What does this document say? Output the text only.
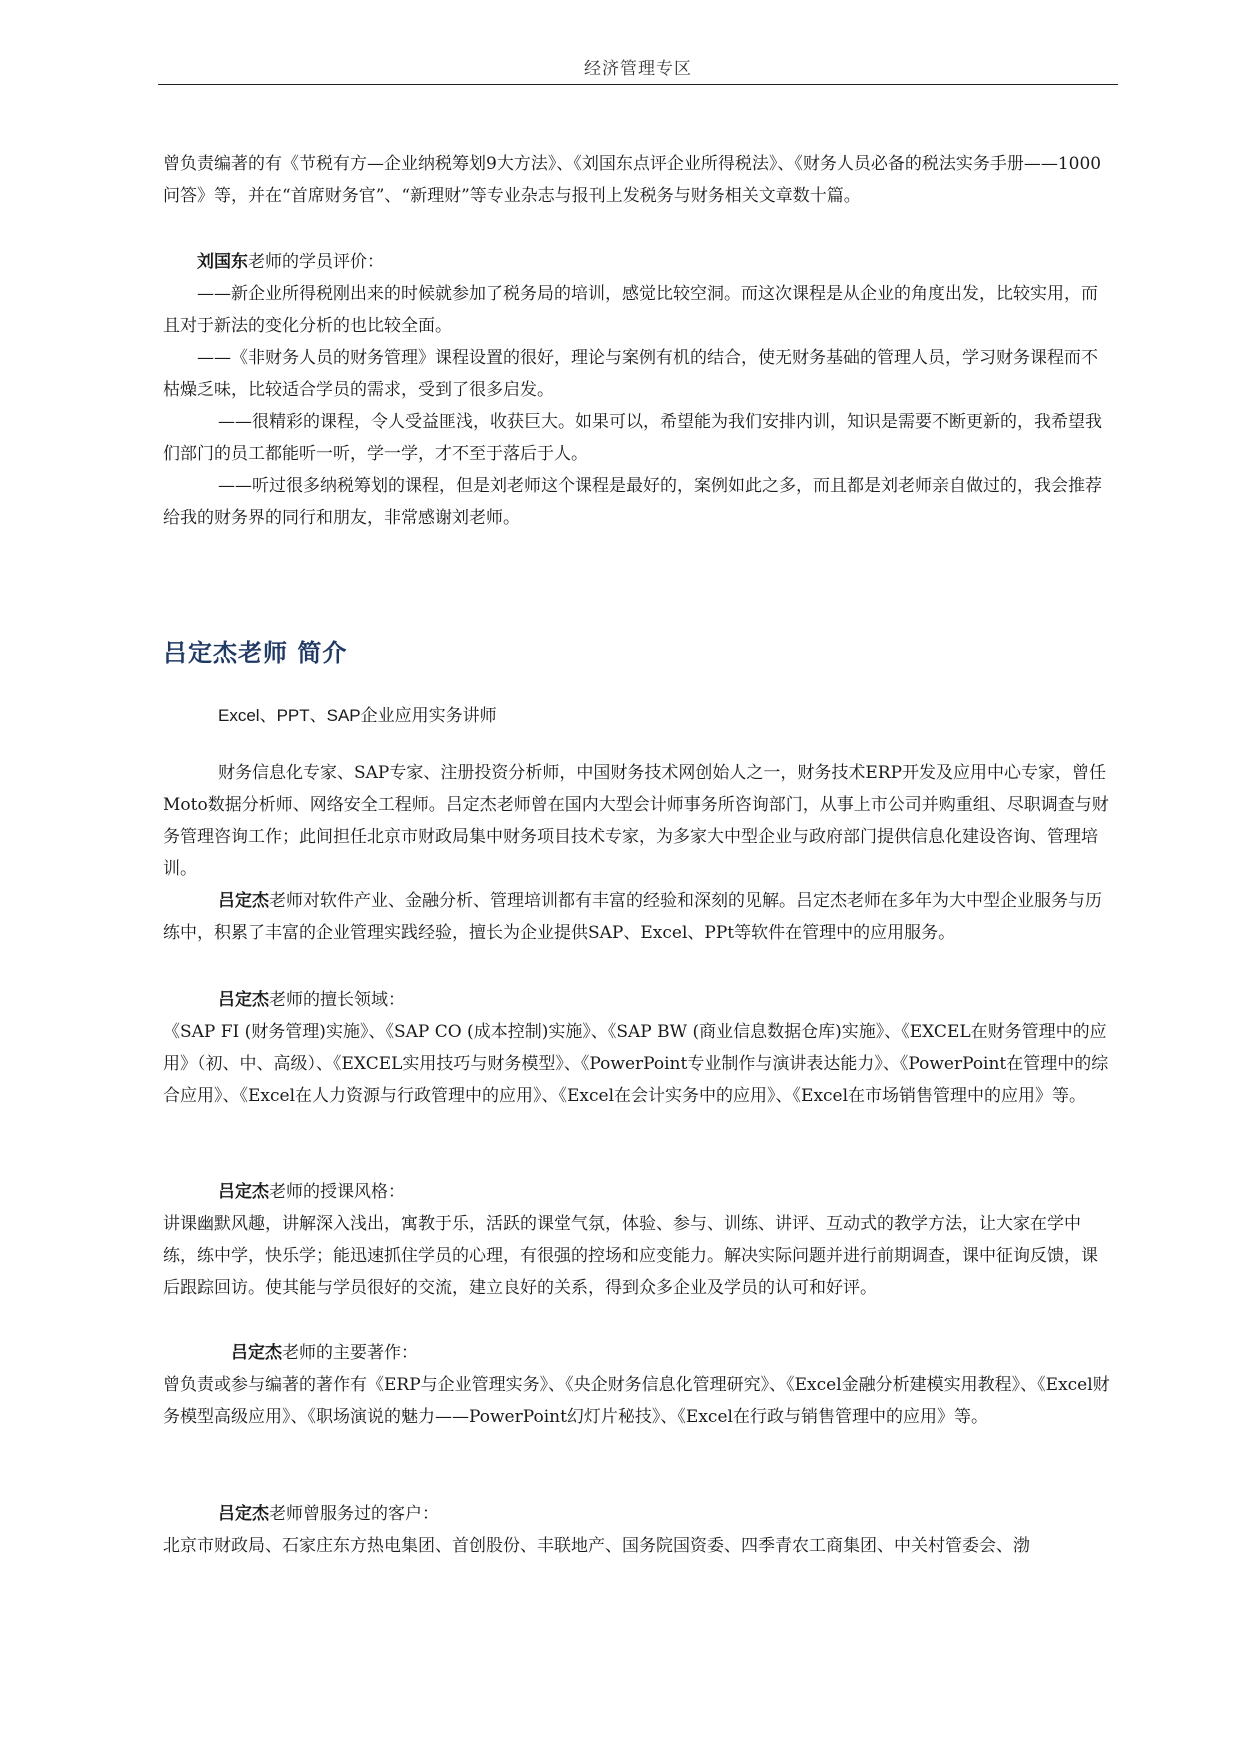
经济管理专区

曾负责编著的有《节税有方—企业纳税筹划9大方法》、《刘国东点评企业所得税法》、《财务人员必备的税法实务手册——1000问答》等，并在“首席财务官”、“新理财”等专业杂志与报刊上发税务与财务相关文章数十篇。

刘国东老师的学员评价：

——新企业所得税刚出来的时候就参加了税务局的培训，感觉比较空洞。而这次课程是从企业的角度出发，比较实用，而且对于新法的变化分析的也比较全面。

——《非财务人员的财务管理》课程设置的很好，理论与案例有机的结合，使无财务基础的管理人员，学习财务课程而不枯燥乏味，比较适合学员的需求，受到了很多启发。

——很精彩的课程，令人受益匪浅，收获巨大。如果可以，希望能为我们安排内训，知识是需要不断更新的，我希望我们部门的员工都能听一听，学一学，才不至于落后于人。

——听过很多纳税筹划的课程，但是刘老师这个课程是最好的，案例如此之多，而且都是刘老师亲自做过的，我会推荐给我的财务界的同行和朋友，非常感谢刘老师。

吕定杰老师 简介

Excel、PPT、SAP企业应用实务讲师

财务信息化专家、SAP专家、注册投资分析师，中国财务技术网创始人之一，财务技术ERP开发及应用中心专家，曾任Moto数据分析师、网络安全工程师。吕定杰老师曾在国内大型会计师事务所咨询部门，从事上市公司并购重组、尽职调查与财务管理咨询工作；此间担任北京市财政局集中财务项目技术专家，为多家大中型企业与政府部门提供信息化建设咨询、管理培训。

吕定杰老师对软件产业、金融分析、管理培训都有丰富的经验和深刻的见解。吕定杰老师在多年为大中型企业服务与历练中，积累了丰富的企业管理实践经验，擅长为企业提供SAP、Excel、PPt等软件在管理中的应用服务。

吕定杰老师的擅长领域：

《SAP FI (财务管理)实施》、《SAP CO (成本控制)实施》、《SAP BW (商业信息数据仓库)实施》、《EXCEL在财务管理中的应用》（初、中、高级）、《EXCEL实用技巧与财务模型》、《PowerPoint专业制作与演讲表达能力》、《PowerPoint在管理中的综合应用》、《Excel在人力资源与行政管理中的应用》、《Excel在会计实务中的应用》、《Excel在市场销售管理中的应用》等。

吕定杰老师的授课风格：

讲课幽默风趣，讲解深入浅出，寓教于乐，活跃的课堂气氛，体验、参与、训练、讲评、互动式的教学方法，让大家在学中练，练中学，快乐学；能迅速抓住学员的心理，有很强的控场和应变能力。解决实际问题并进行前期调查，课中征询反馈，课后跟踪回访。使其能与学员很好的交流，建立良好的关系，得到众多企业及学员的认可和好评。

吕定杰老师的主要著作：

曾负责或参与编著的著作有《ERP与企业管理实务》、《央企财务信息化管理研究》、《Excel金融分析建模实用教程》、《Excel财务模型高级应用》、《职场演说的魅力——PowerPoint幻灯片秘技》、《Excel在行政与销售管理中的应用》等。

吕定杰老师曾服务过的客户：

北京市财政局、石家庄东方热电集团、首创股份、丰联地产、国务院国资委、四季青农工商集团、中关村管委会、渤
